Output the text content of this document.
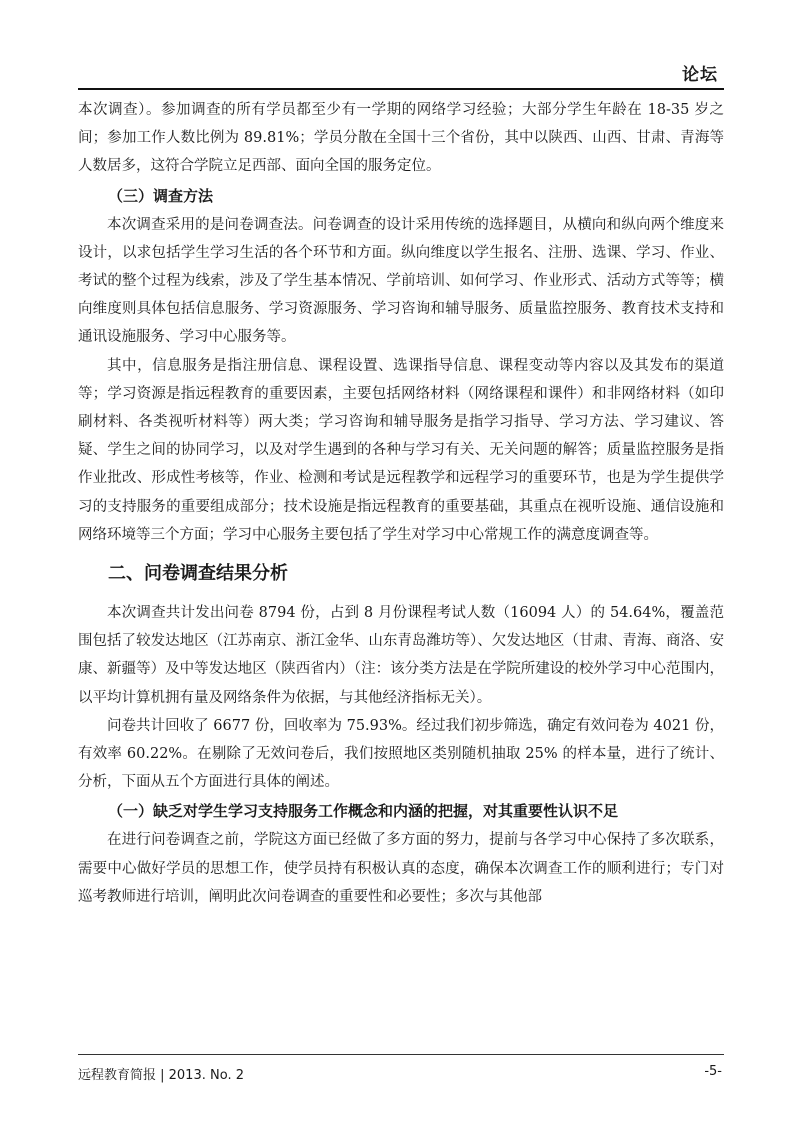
论坛

本次调查）。参加调查的所有学员都至少有一学期的网络学习经验；大部分学生年龄在 18-35 岁之间；参加工作人数比例为 89.81%；学员分散在全国十三个省份，其中以陕西、山西、甘肃、青海等人数居多，这符合学院立足西部、面向全国的服务定位。

（三）调查方法

本次调查采用的是问卷调查法。问卷调查的设计采用传统的选择题目，从横向和纵向两个维度来设计，以求包括学生学习生活的各个环节和方面。纵向维度以学生报名、注册、选课、学习、作业、考试的整个过程为线索，涉及了学生基本情况、学前培训、如何学习、作业形式、活动方式等等；横向维度则具体包括信息服务、学习资源服务、学习咨询和辅导服务、质量监控服务、教育技术支持和通讯设施服务、学习中心服务等。

其中，信息服务是指注册信息、课程设置、选课指导信息、课程变动等内容以及其发布的渠道等；学习资源是指远程教育的重要因素，主要包括网络材料（网络课程和课件）和非网络材料（如印刷材料、各类视听材料等）两大类；学习咨询和辅导服务是指学习指导、学习方法、学习建议、答疑、学生之间的协同学习，以及对学生遇到的各种与学习有关、无关问题的解答；质量监控服务是指作业批改、形成性考核等，作业、检测和考试是远程教学和远程学习的重要环节，也是为学生提供学习的支持服务的重要组成部分；技术设施是指远程教育的重要基础，其重点在视听设施、通信设施和网络环境等三个方面；学习中心服务主要包括了学生对学习中心常规工作的满意度调查等。

二、问卷调查结果分析

本次调查共计发出问卷 8794 份，占到 8 月份课程考试人数（16094 人）的 54.64%，覆盖范围包括了较发达地区（江苏南京、浙江金华、山东青岛潍坊等）、欠发达地区（甘肃、青海、商洛、安康、新疆等）及中等发达地区（陕西省内）（注：该分类方法是在学院所建设的校外学习中心范围内，以平均计算机拥有量及网络条件为依据，与其他经济指标无关）。

问卷共计回收了 6677 份，回收率为 75.93%。经过我们初步筛选，确定有效问卷为 4021 份，有效率 60.22%。在剔除了无效问卷后，我们按照地区类别随机抽取 25% 的样本量，进行了统计、分析，下面从五个方面进行具体的阐述。

（一）缺乏对学生学习支持服务工作概念和内涵的把握，对其重要性认识不足

在进行问卷调查之前，学院这方面已经做了多方面的努力，提前与各学习中心保持了多次联系，需要中心做好学员的思想工作，使学员持有积极认真的态度，确保本次调查工作的顺利进行；专门对巡考教师进行培训，阐明此次问卷调查的重要性和必要性；多次与其他部

远程教育简报 | 2013. No. 2	-5-
